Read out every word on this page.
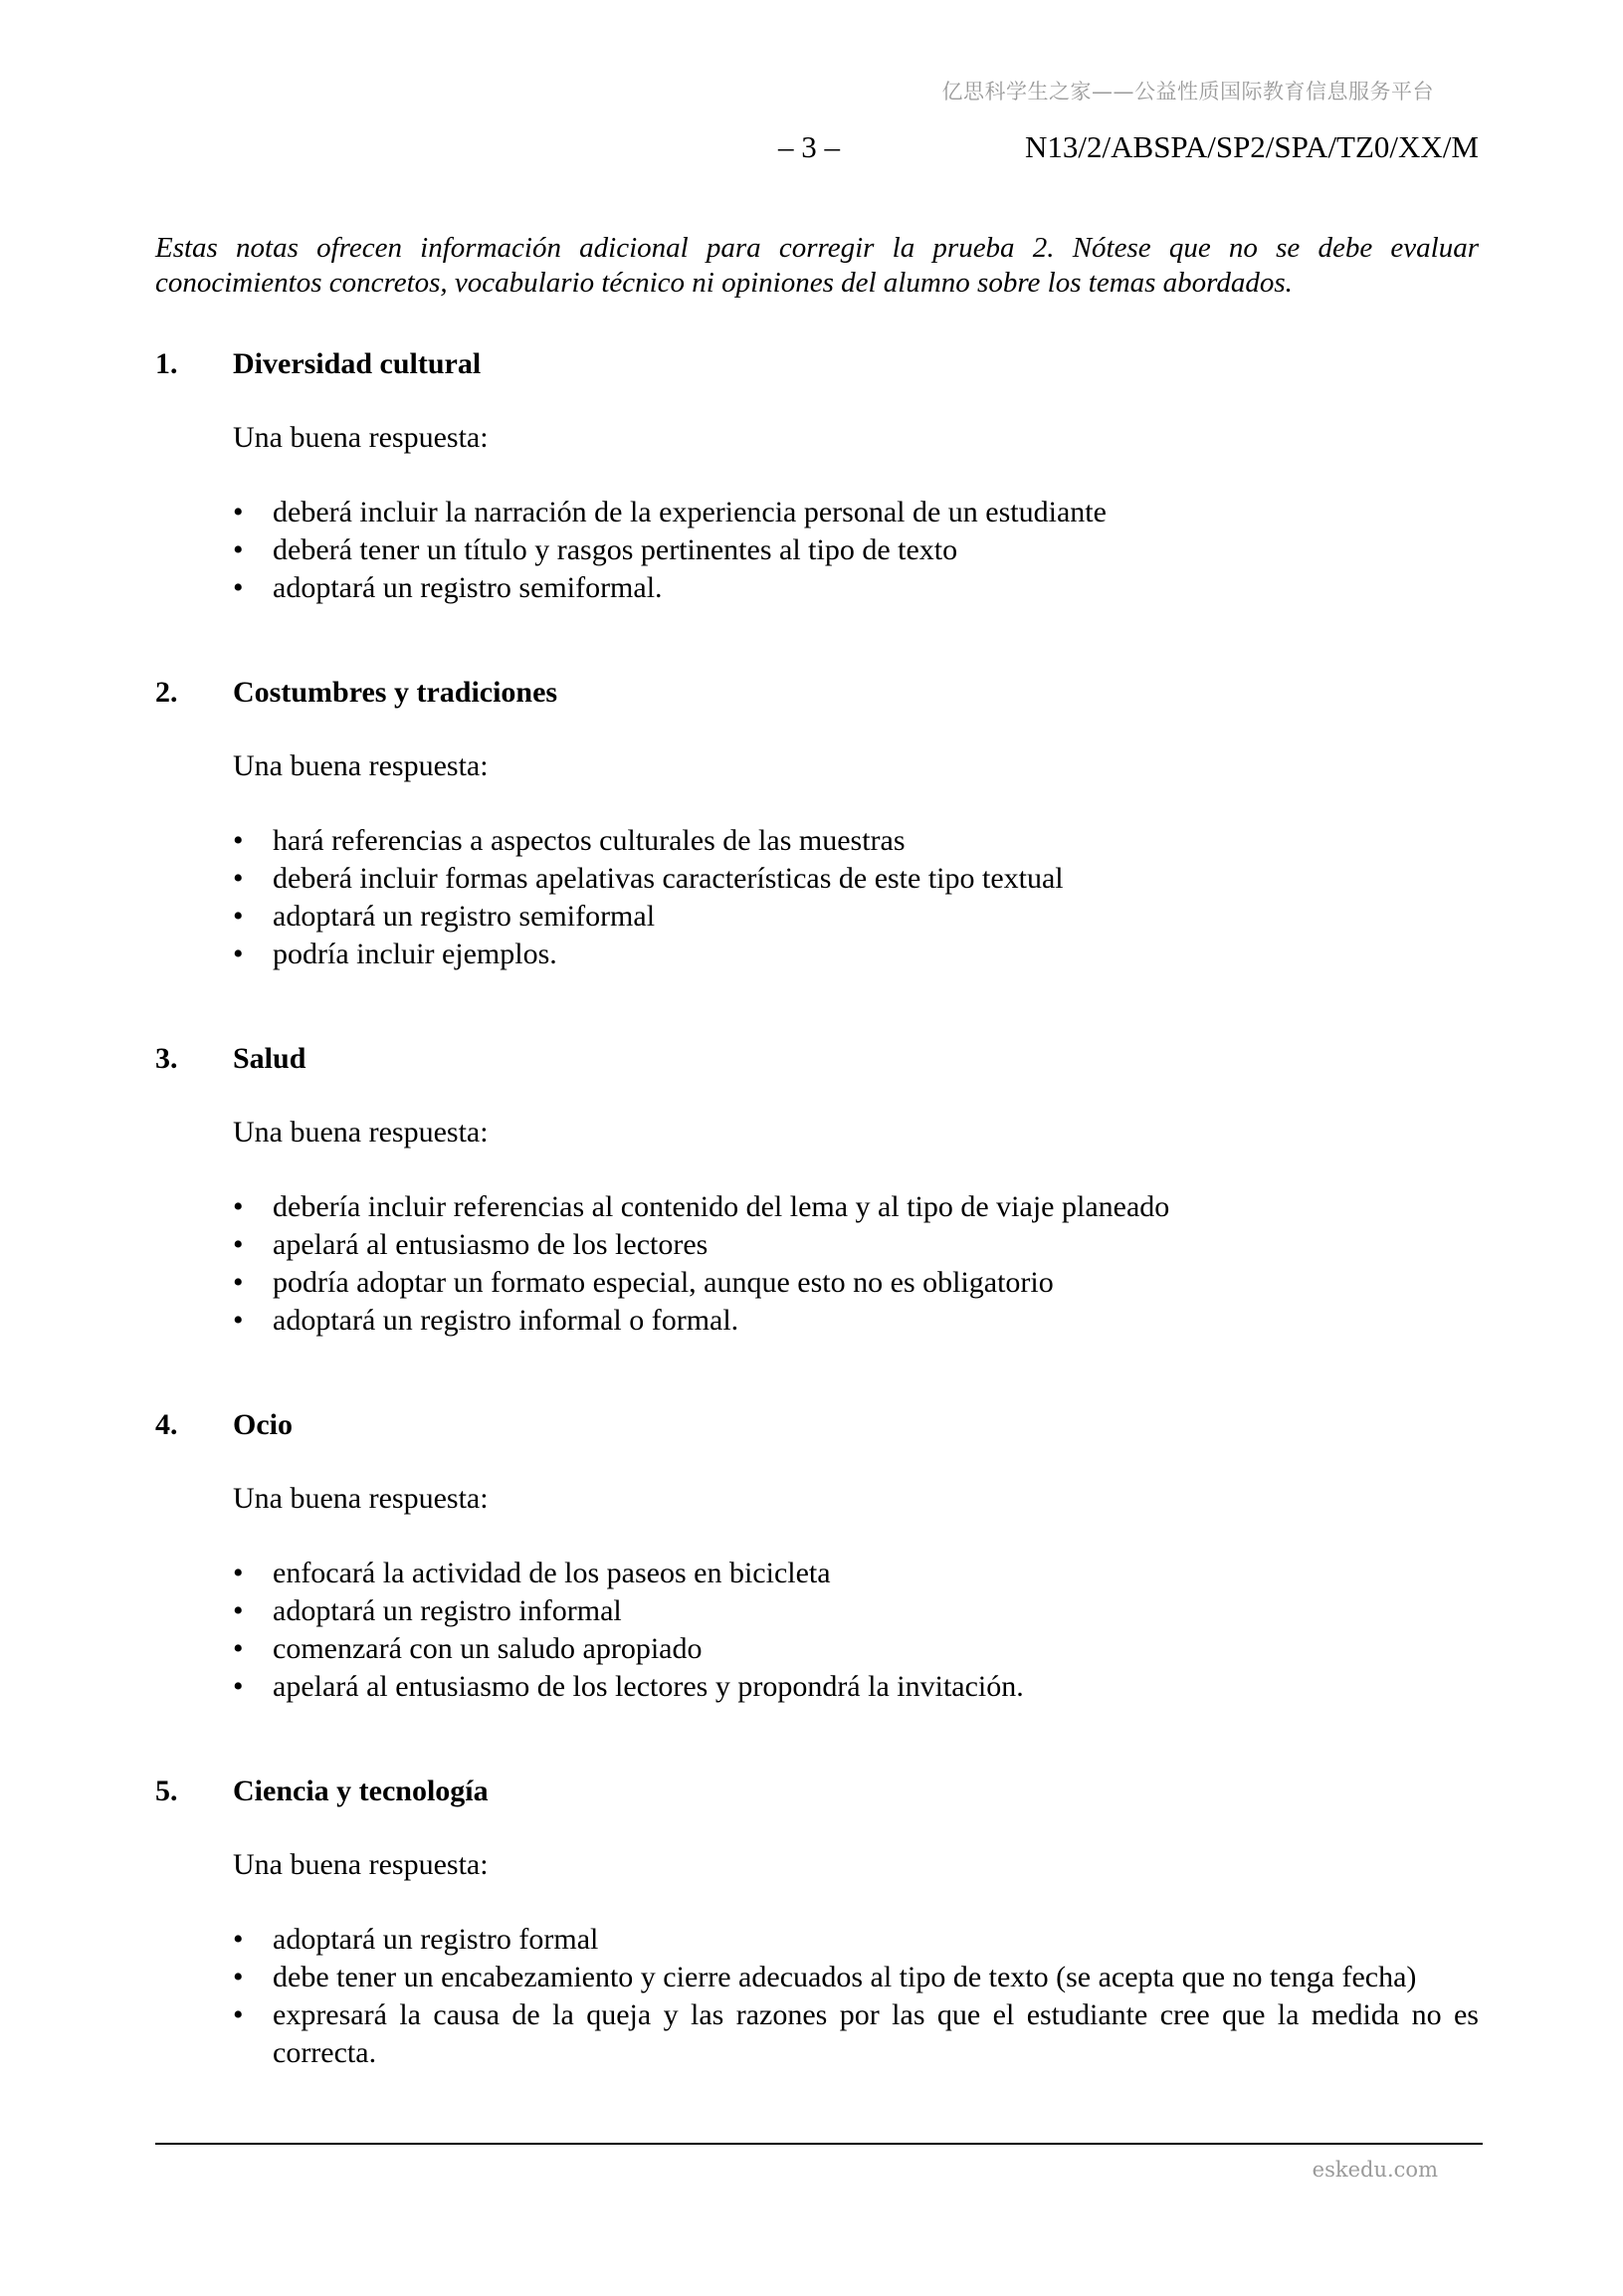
亿思科学生之家——公益性质国际教育信息服务平台
– 3 –	N13/2/ABSPA/SP2/SPA/TZ0/XX/M

Estas notas ofrecen información adicional para corregir la prueba 2. Nótese que no se debe evaluar conocimientos concretos, vocabulario técnico ni opiniones del alumno sobre los temas abordados.

1.	Diversidad cultural
Una buena respuesta:
• deberá incluir la narración de la experiencia personal de un estudiante
• deberá tener un título y rasgos pertinentes al tipo de texto
• adoptará un registro semiformal.
2.	Costumbres y tradiciones
Una buena respuesta:
• hará referencias a aspectos culturales de las muestras
• deberá incluir formas apelativas características de este tipo textual
• adoptará un registro semiformal
• podría incluir ejemplos.
3.	Salud
Una buena respuesta:
• debería incluir referencias al contenido del lema y al tipo de viaje planeado
• apelará al entusiasmo de los lectores
• podría adoptar un formato especial, aunque esto no es obligatorio
• adoptará un registro informal o formal.
4.	Ocio
Una buena respuesta:
• enfocará la actividad de los paseos en bicicleta
• adoptará un registro informal
• comenzará con un saludo apropiado
• apelará al entusiasmo de los lectores y propondrá la invitación.
5.	Ciencia y tecnología
Una buena respuesta:
• adoptará un registro formal
• debe tener un encabezamiento y cierre adecuados al tipo de texto (se acepta que no tenga fecha)
• expresará la causa de la queja y las razones por las que el estudiante cree que la medida no es correcta.
eskedu.com
